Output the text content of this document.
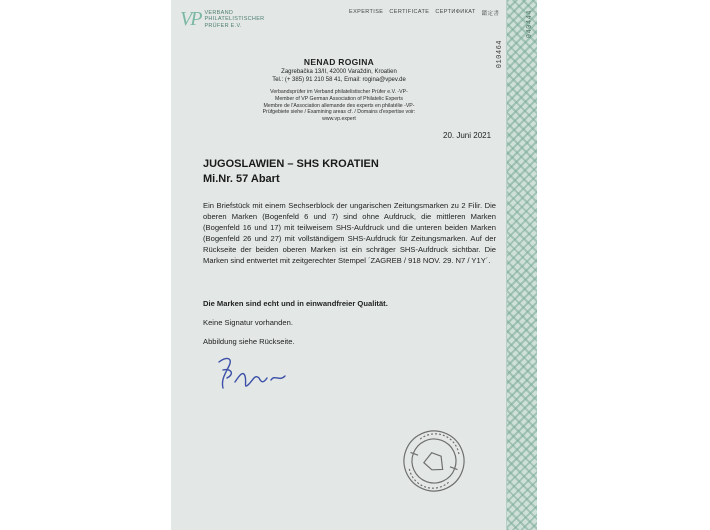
040444
VP VERBAND
PHILATELISTISCHER
PRÜFER E.V.
EXPERTISE CERTIFICATE СЕРТИФИКАТ 鑑定書
010464
NENAD ROGINA
Zagrebačka 13/II, 42000 Varaždin, Kroatien
Tel.: (+ 385) 91 210 58 41, Email: rogina@vpev.de
Verbandsprüfer im Verband philatelistischer Prüfer e.V. -VP-
Member of VP German Association of Philatelic Experts
Membre de l'Association allemande des experts en philatélie -VP-
Prüfgebiete siehe / Examining areas cf. / Domains d'expertise voir:
www.vp.expert
20. Juni 2021
JUGOSLAWIEN – SHS KROATIEN
Mi.Nr. 57 Abart
Ein Briefstück mit einem Sechserblock der ungarischen Zeitungsmarken zu 2 Filir. Die oberen Marken (Bogenfeld 6 und 7) sind ohne Aufdruck, die mittleren Marken (Bogenfeld 16 und 17) mit teilweisem SHS-Aufdruck und die unteren beiden Marken (Bogenfeld 26 und 27) mit vollständigem SHS-Aufdruck für Zeitungsmarken. Auf der Rückseite der beiden oberen Marken ist ein schräger SHS-Aufdruck sichtbar. Die Marken sind entwertet mit zeitgerechter Stempel ´ZAGREB / 918 NOV. 29. N7 / Y1Y´.
Die Marken sind echt und in einwandfreier Qualität.
Keine Signatur vorhanden.
Abbildung siehe Rückseite.
